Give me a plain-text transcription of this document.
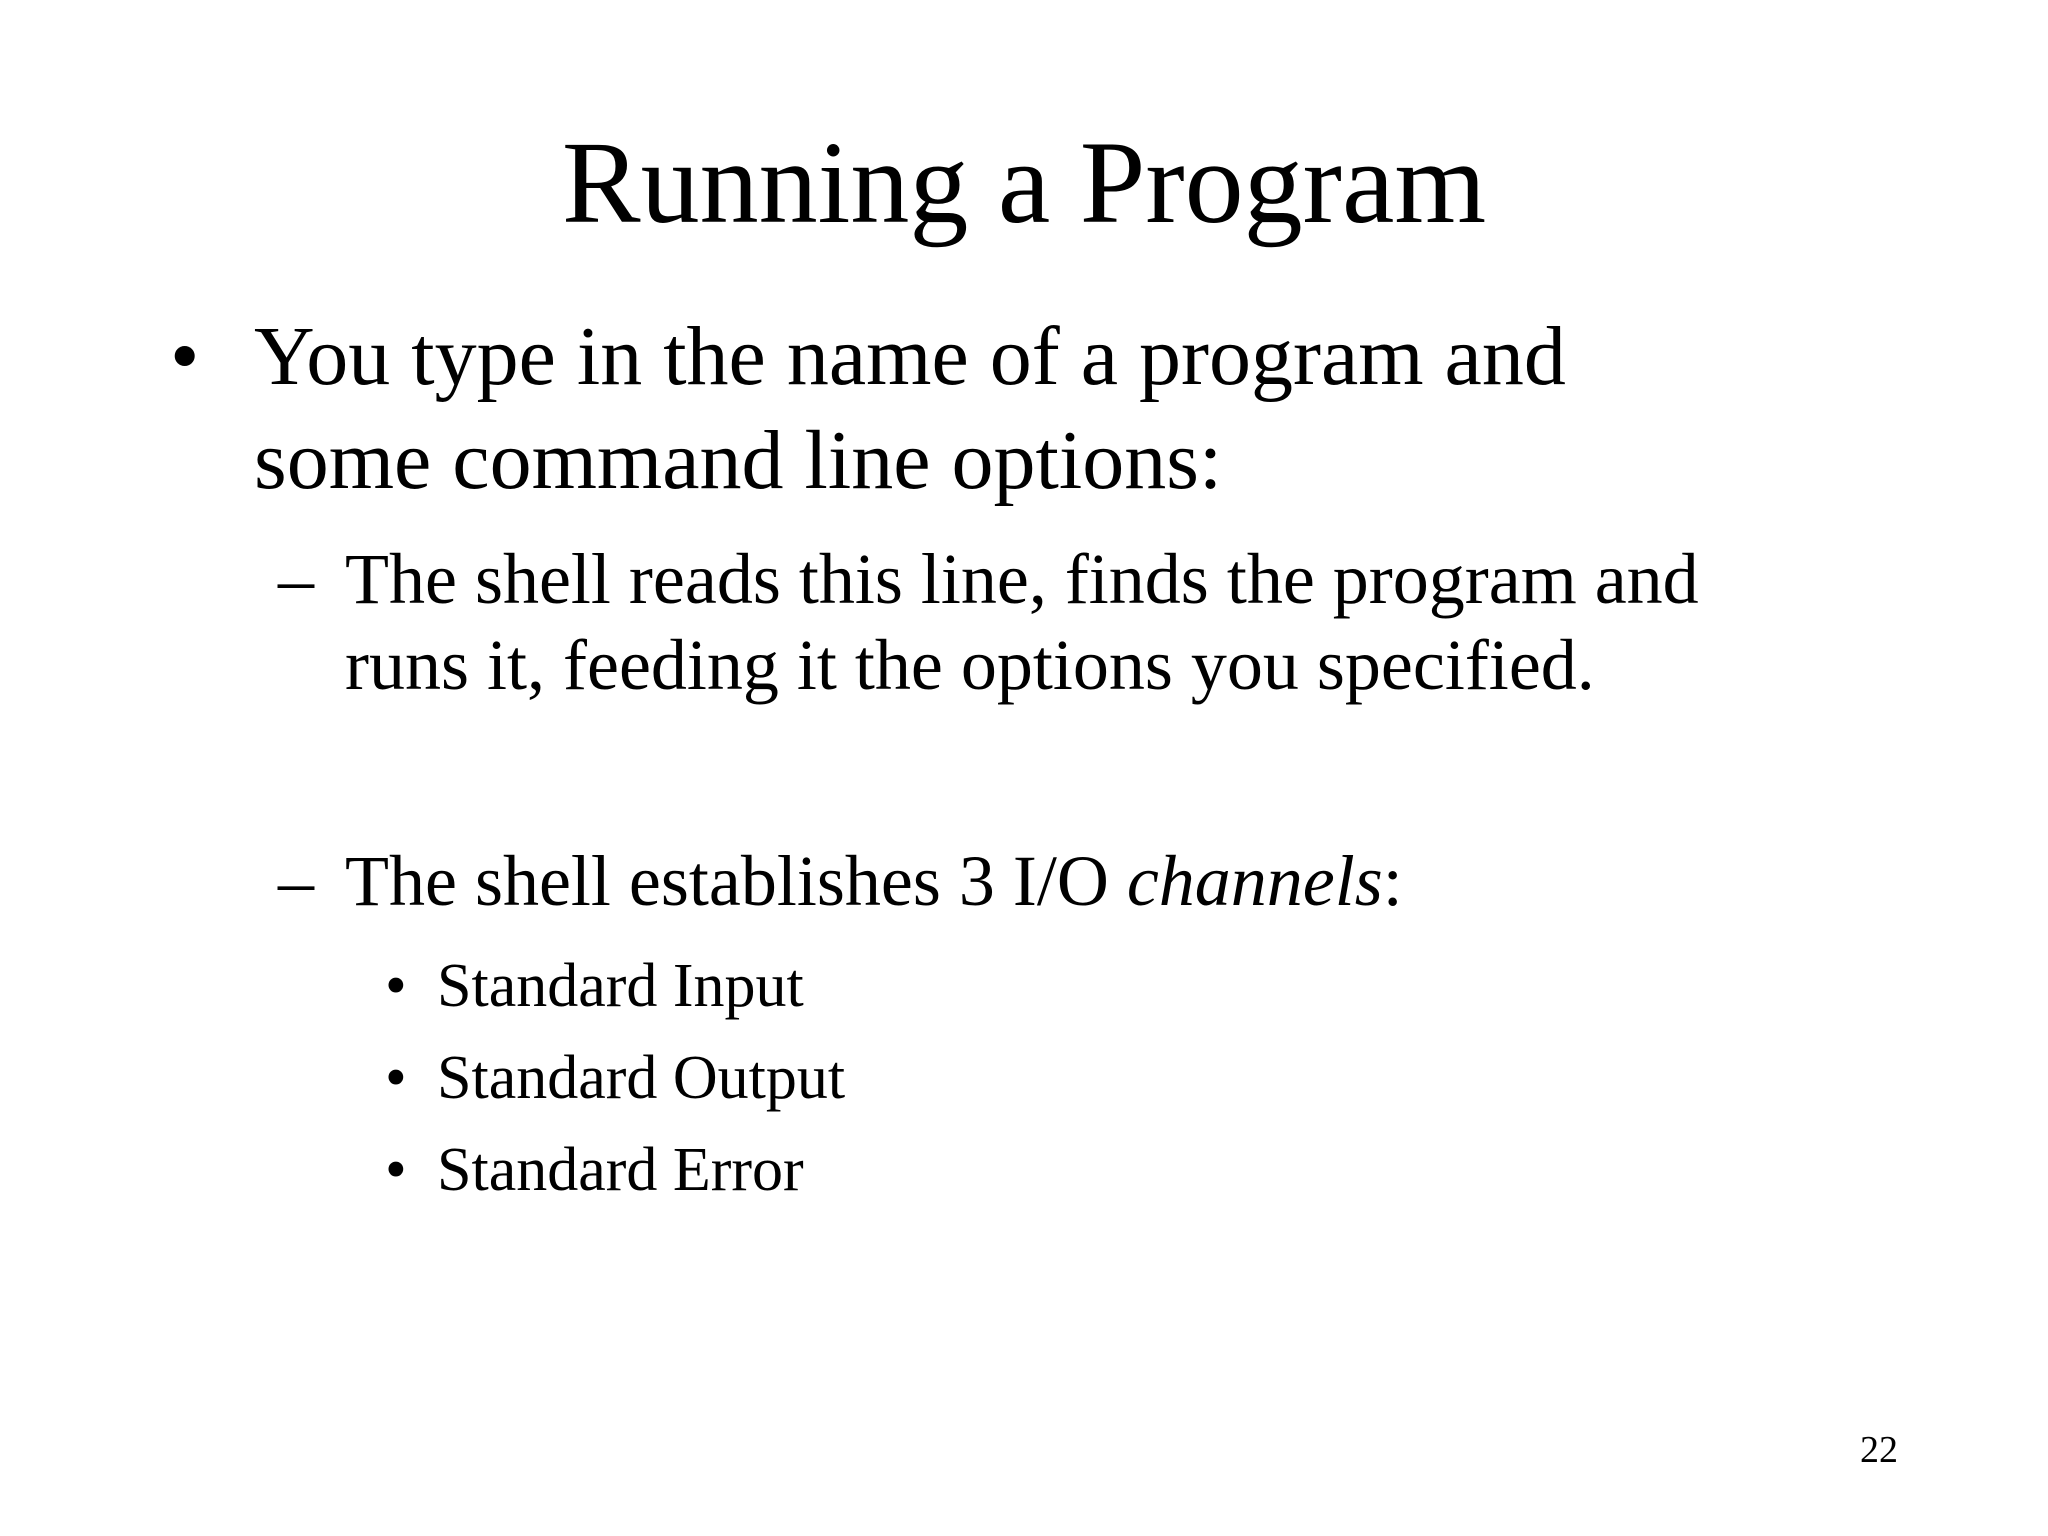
Running a Program
• You type in the name of a program and
some command line options:
– The shell reads this line, finds the program and
runs it, feeding it the options you specified.
– The shell establishes 3 I/O channels:
• Standard Input
• Standard Output
• Standard Error
22
